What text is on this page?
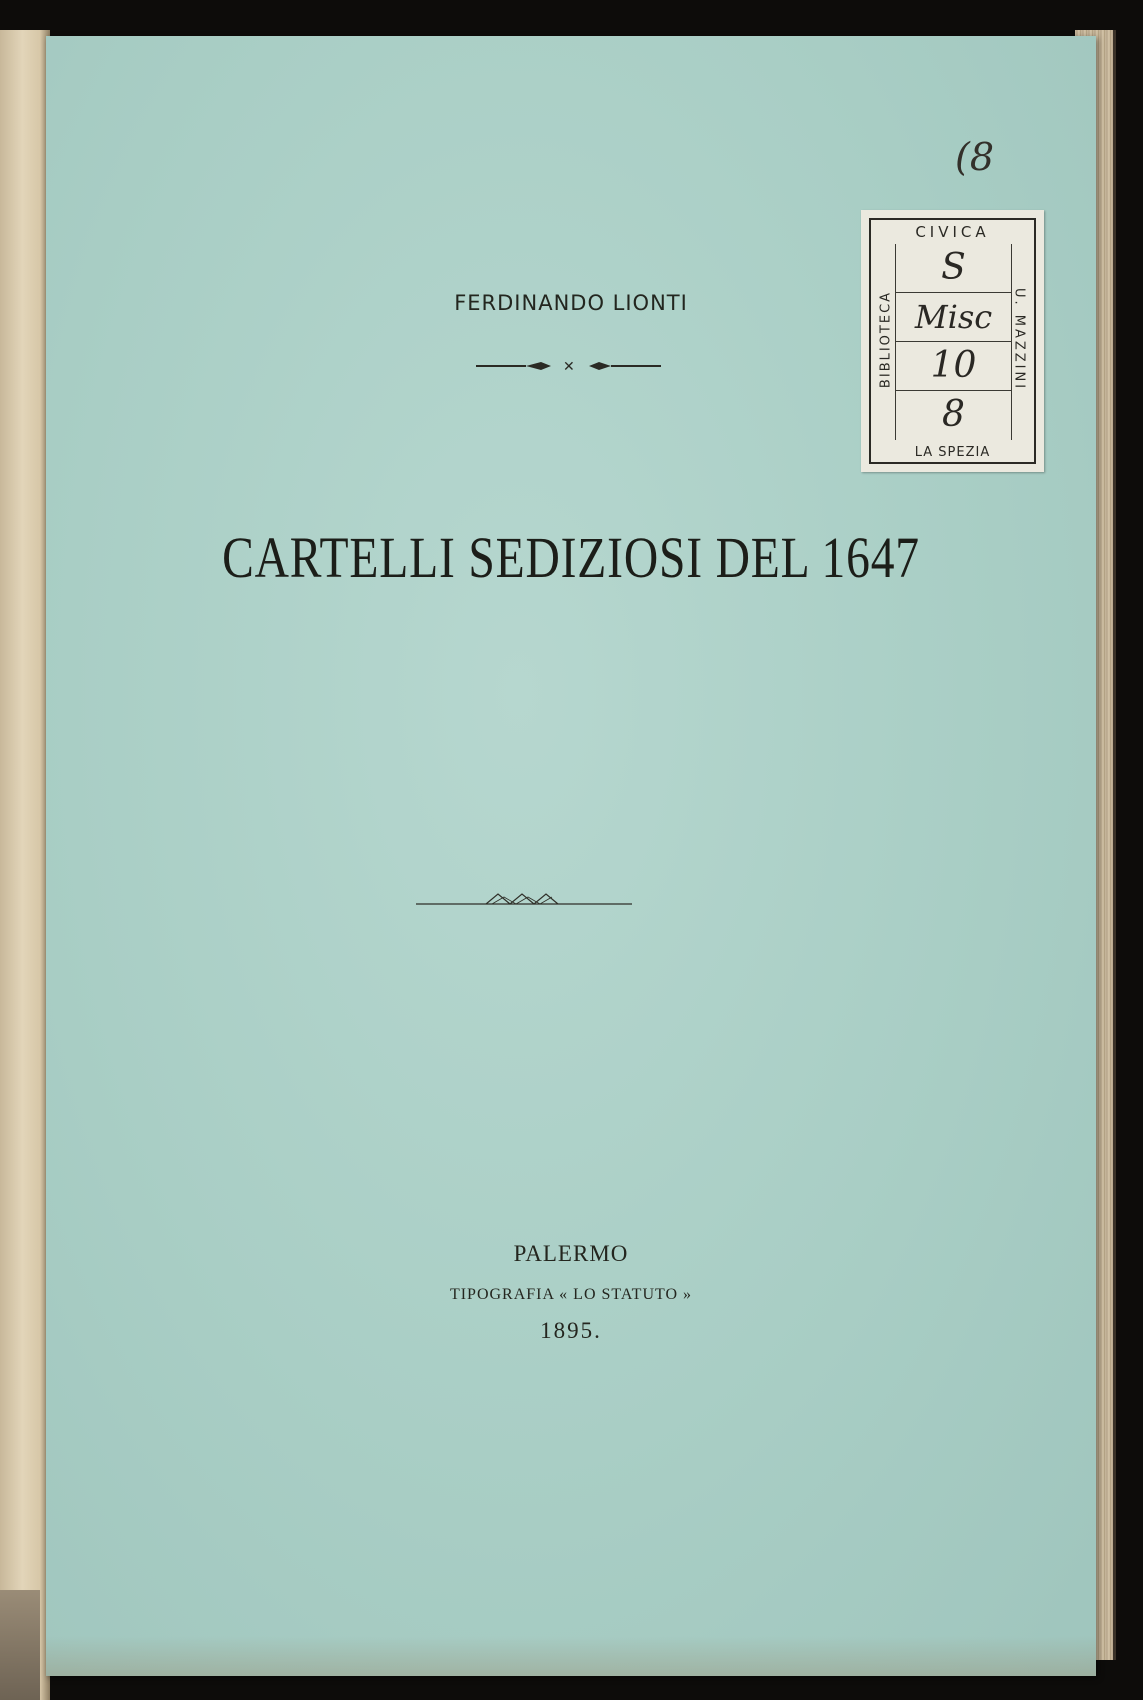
FERDINANDO LIONTI
✕
CARTELLI SEDIZIOSI DEL 1647
PALERMO
TIPOGRAFIA « LO STATUTO »
1895.
(8
CIVICA
BIBLIOTECA	U. MAZZINI
S
Misc
10
8
LA SPEZIA
